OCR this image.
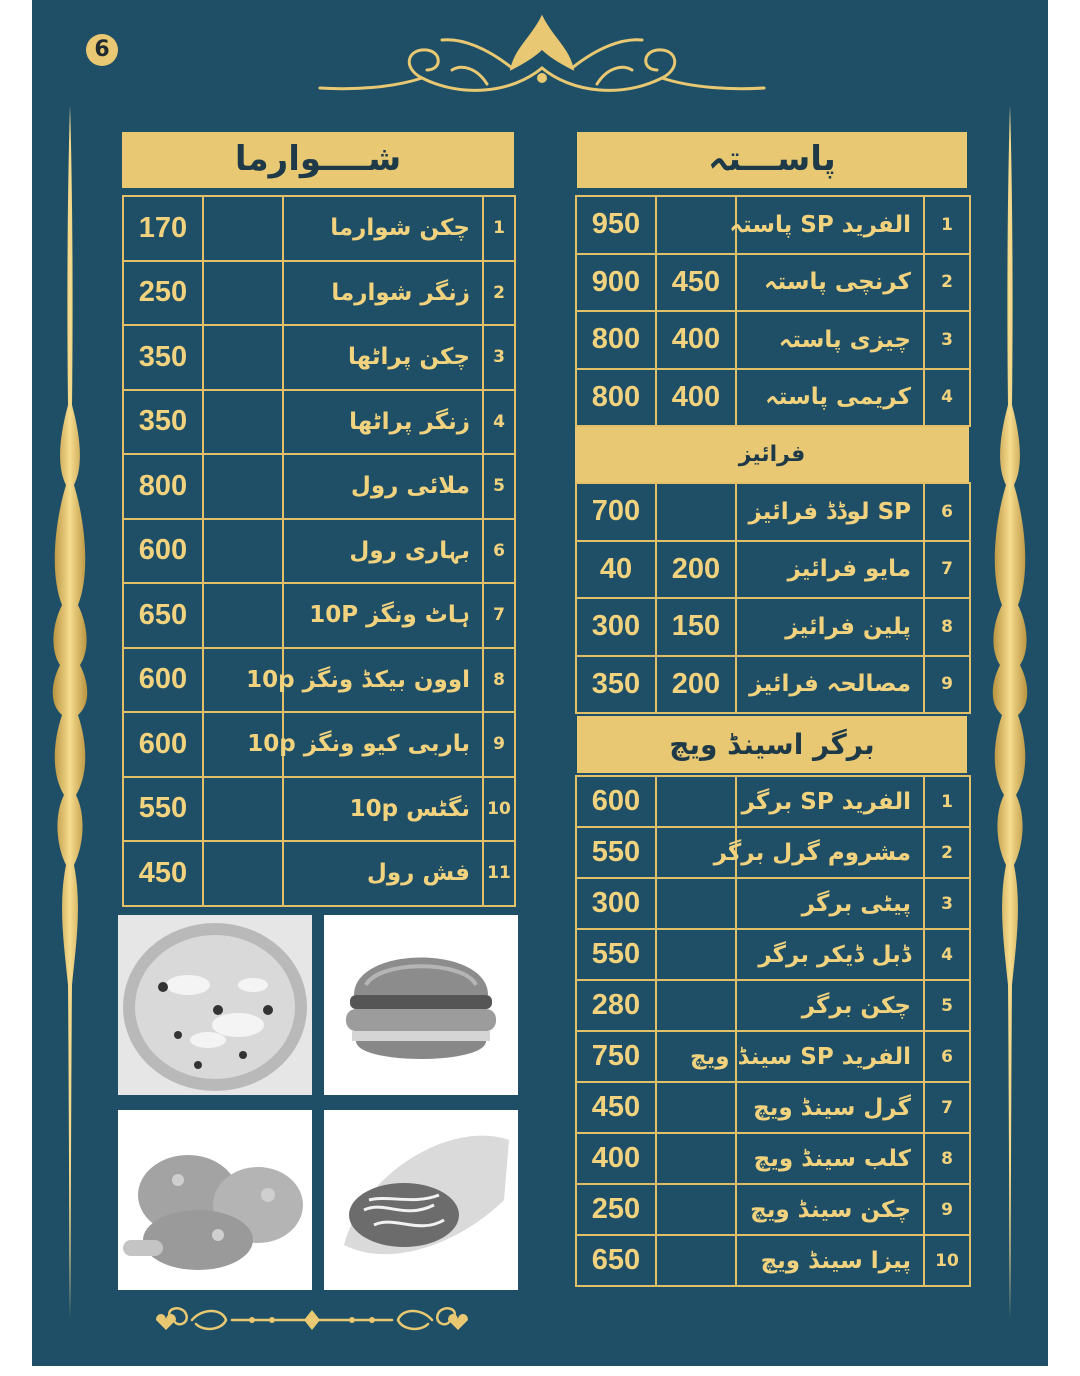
6
شــــوارما
170		چکن شوارما	1
250		زنگر شوارما	2
350		چکن پراٹھا	3
350		زنگر پراٹھا	4
800		ملائی رول	5
600		بہاری رول	6
650		ہاٹ ونگز 10P	7
600		اوون بیکڈ ونگز 10p	8
600		باربی کیو ونگز 10p	9
550		نگٹس 10p	10
450		فش رول	11
پاســـتہ
950		الفرید SP پاستہ	1
900	450	کرنچی پاستہ	2
800	400	چیزی پاستہ	3
800	400	کریمی پاستہ	4
فرائیز
700		SP لوڈڈ فرائیز	6
40	200	مایو فرائیز	7
300	150	پلین فرائیز	8
350	200	مصالحہ فرائیز	9
برگر اسینڈ ویچ
600		الفرید SP برگر	1
550		مشروم گرل برگر	2
300		پیٹی برگر	3
550		ڈبل ڈیکر برگر	4
280		چکن برگر	5
750		الفرید SP سینڈ ویچ	6
450		گرل سینڈ ویچ	7
400		کلب سینڈ ویچ	8
250		چکن سینڈ ویچ	9
650		پیزا سینڈ ویچ	10
